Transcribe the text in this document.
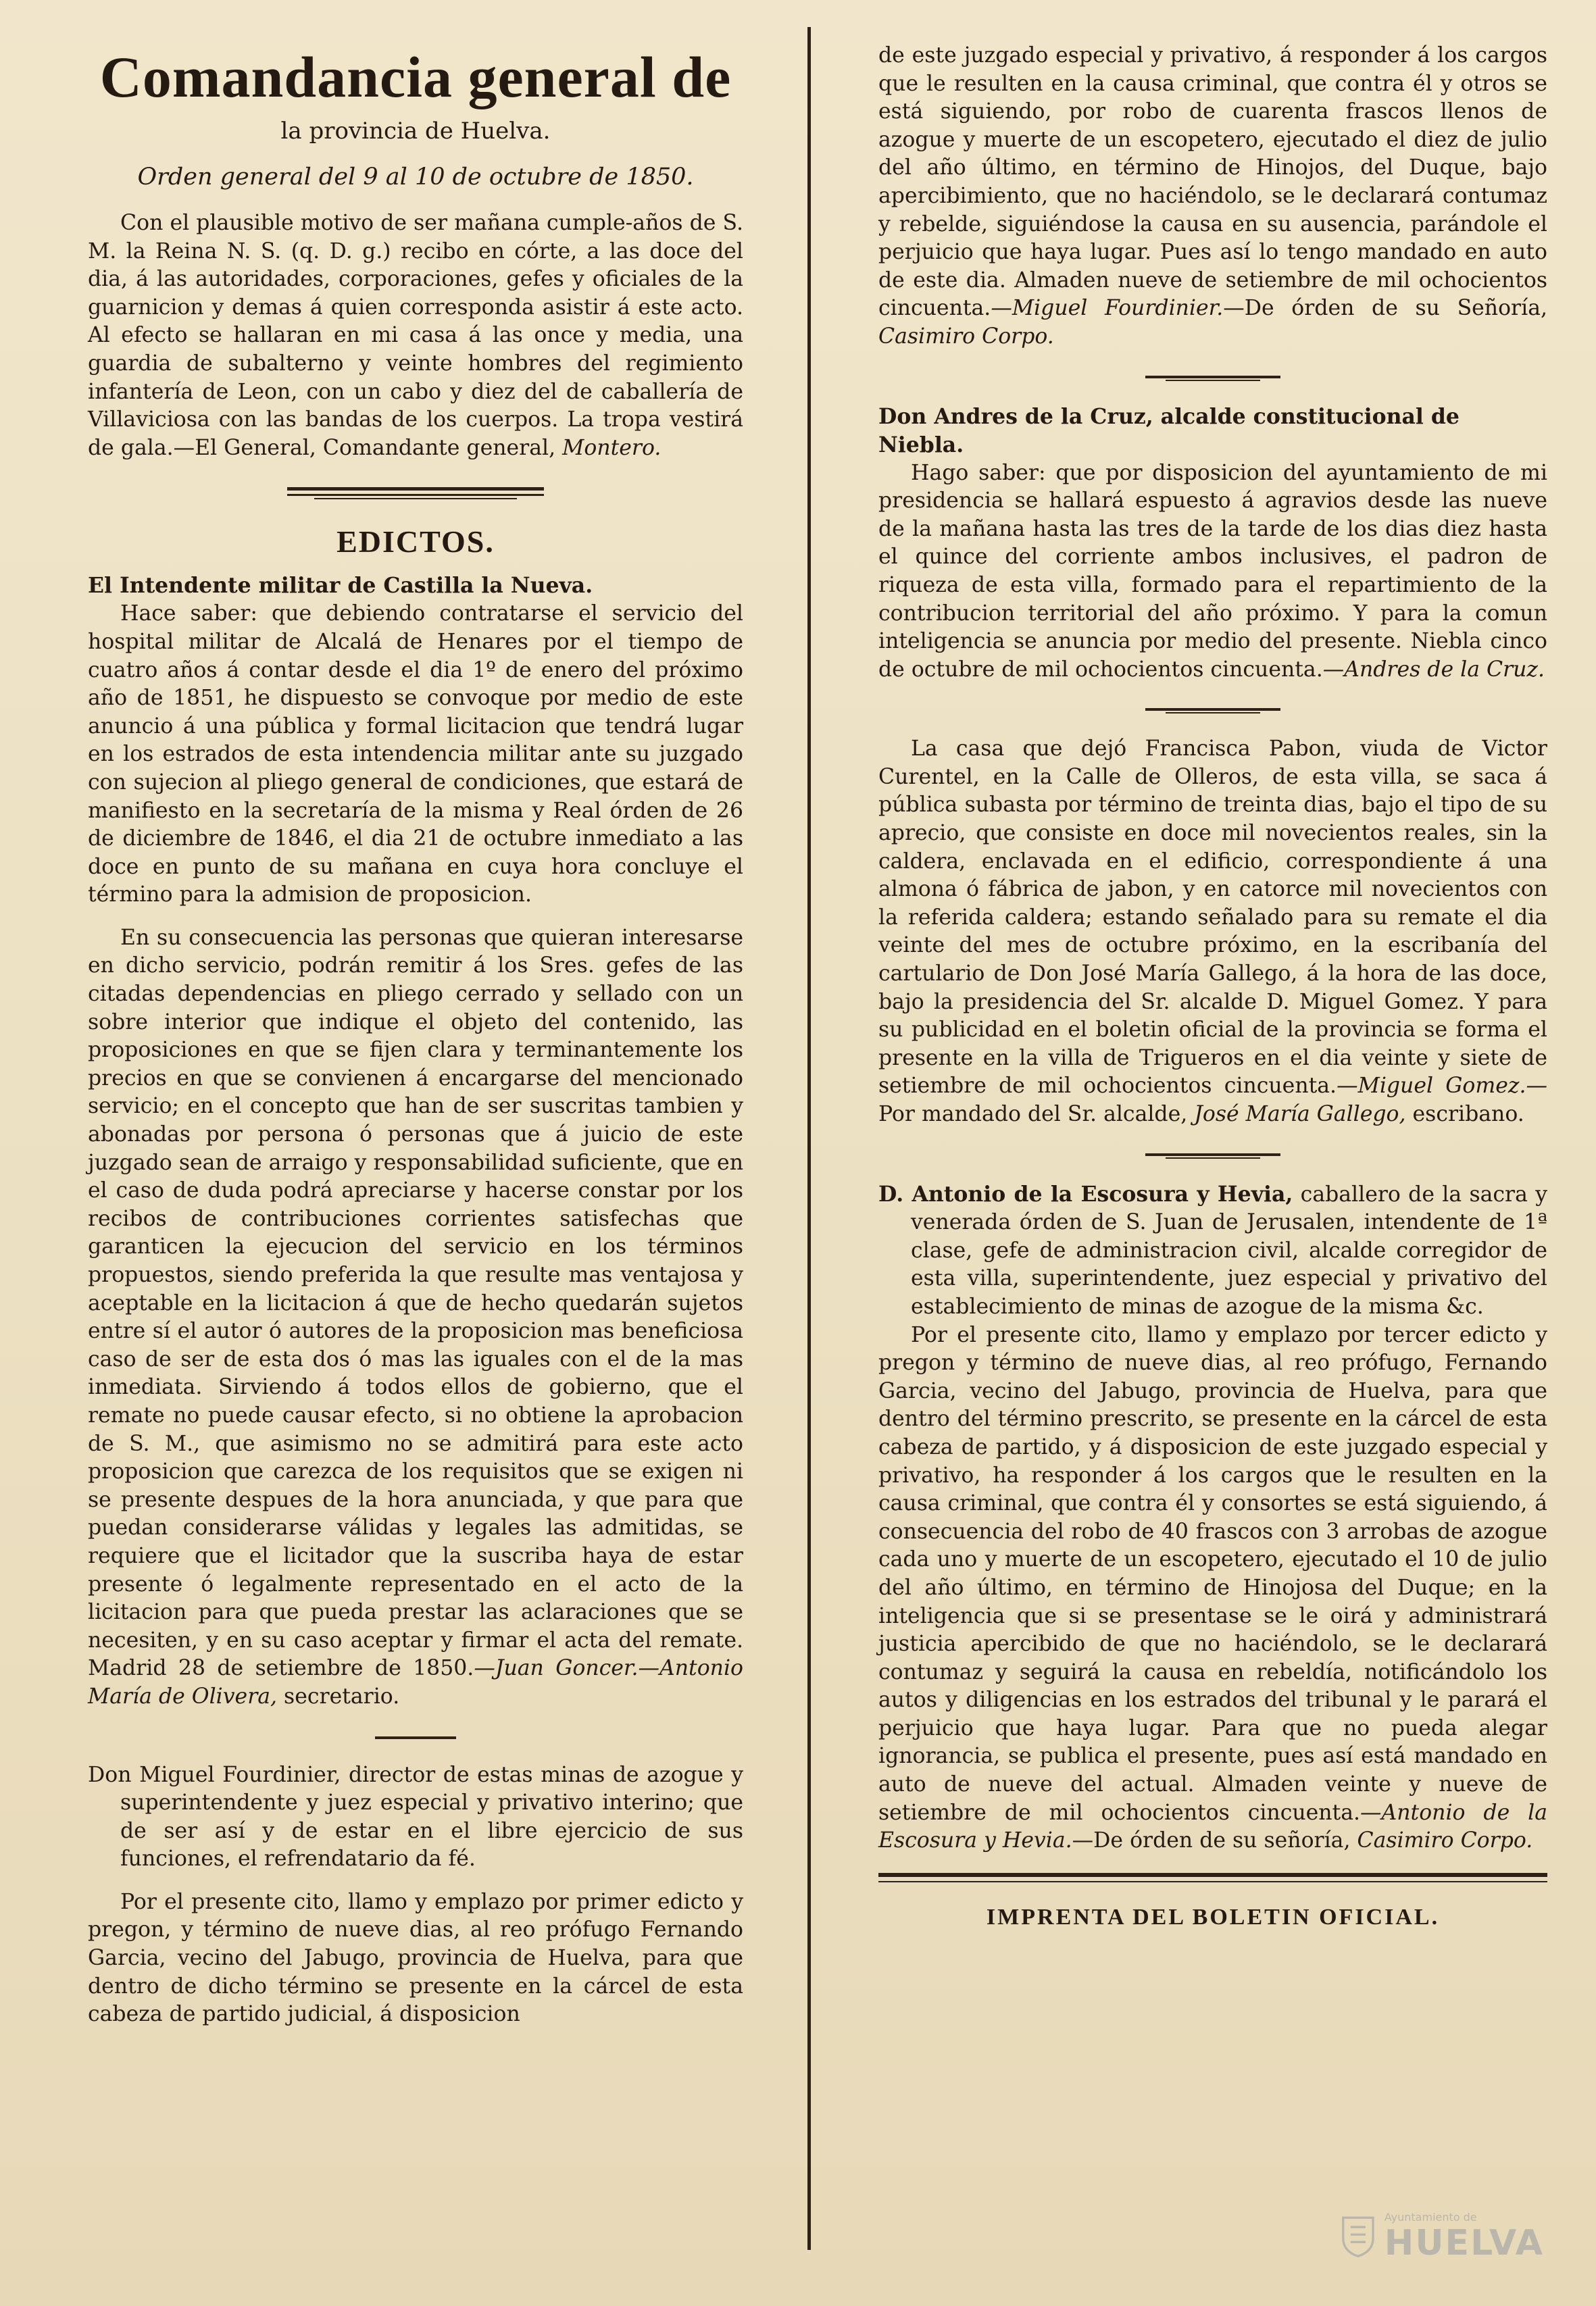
Comandancia general de

la provincia de Huelva.

Orden general del 9 al 10 de octubre de 1850.

Con el plausible motivo de ser mañana cumple-años de S. M. la Reina N. S. (q. D. g.) recibo en córte, a las doce del dia, á las autoridades, corporaciones, gefes y oficiales de la guarnicion y demas á quien corresponda asistir á este acto. Al efecto se hallaran en mi casa á las once y media, una guardia de subalterno y veinte hombres del regimiento infantería de Leon, con un cabo y diez del de caballería de Villaviciosa con las bandas de los cuerpos. La tropa vestirá de gala.—El General, Comandante general, Montero.

EDICTOS.

El Intendente militar de Castilla la Nueva.

Hace saber: que debiendo contratarse el servicio del hospital militar de Alcalá de Henares por el tiempo de cuatro años á contar desde el dia 1º de enero del próximo año de 1851, he dispuesto se convoque por medio de este anuncio á una pública y formal licitacion que tendrá lugar en los estrados de esta intendencia militar ante su juzgado con sujecion al pliego general de condiciones, que estará de manifiesto en la secretaría de la misma y Real órden de 26 de diciembre de 1846, el dia 21 de octubre inmediato a las doce en punto de su mañana en cuya hora concluye el término para la admision de proposicion.

En su consecuencia las personas que quieran interesarse en dicho servicio, podrán remitir á los Sres. gefes de las citadas dependencias en pliego cerrado y sellado con un sobre interior que indique el objeto del contenido, las proposiciones en que se fijen clara y terminantemente los precios en que se convienen á encargarse del mencionado servicio; en el concepto que han de ser suscritas tambien y abonadas por persona ó personas que á juicio de este juzgado sean de arraigo y responsabilidad suficiente, que en el caso de duda podrá apreciarse y hacerse constar por los recibos de contribuciones corrientes satisfechas que garanticen la ejecucion del servicio en los términos propuestos, siendo preferida la que resulte mas ventajosa y aceptable en la licitacion á que de hecho quedarán sujetos entre sí el autor ó autores de la proposicion mas beneficiosa caso de ser de esta dos ó mas las iguales con el de la mas inmediata. Sirviendo á todos ellos de gobierno, que el remate no puede causar efecto, si no obtiene la aprobacion de S. M., que asimismo no se admitirá para este acto proposicion que carezca de los requisitos que se exigen ni se presente despues de la hora anunciada, y que para que puedan considerarse válidas y legales las admitidas, se requiere que el licitador que la suscriba haya de estar presente ó legalmente representado en el acto de la licitacion para que pueda prestar las aclaraciones que se necesiten, y en su caso aceptar y firmar el acta del remate. Madrid 28 de setiembre de 1850.—Juan Goncer.—Antonio María de Olivera, secretario.

Don Miguel Fourdinier, director de estas minas de azogue y superintendente y juez especial y privativo interino; que de ser así y de estar en el libre ejercicio de sus funciones, el refrendatario da fé.

Por el presente cito, llamo y emplazo por primer edicto y pregon, y término de nueve dias, al reo prófugo Fernando Garcia, vecino del Jabugo, provincia de Huelva, para que dentro de dicho término se presente en la cárcel de esta cabeza de partido judicial, á disposicion

de este juzgado especial y privativo, á responder á los cargos que le resulten en la causa criminal, que contra él y otros se está siguiendo, por robo de cuarenta frascos llenos de azogue y muerte de un escopetero, ejecutado el diez de julio del año último, en término de Hinojos, del Duque, bajo apercibimiento, que no haciéndolo, se le declarará contumaz y rebelde, siguiéndose la causa en su ausencia, parándole el perjuicio que haya lugar. Pues así lo tengo mandado en auto de este dia. Almaden nueve de setiembre de mil ochocientos cincuenta.—Miguel Fourdinier.—De órden de su Señoría, Casimiro Corpo.

Don Andres de la Cruz, alcalde constitucional de Niebla.

Hago saber: que por disposicion del ayuntamiento de mi presidencia se hallará espuesto á agravios desde las nueve de la mañana hasta las tres de la tarde de los dias diez hasta el quince del corriente ambos inclusives, el padron de riqueza de esta villa, formado para el repartimiento de la contribucion territorial del año próximo. Y para la comun inteligencia se anuncia por medio del presente. Niebla cinco de octubre de mil ochocientos cincuenta.—Andres de la Cruz.

La casa que dejó Francisca Pabon, viuda de Victor Curentel, en la Calle de Olleros, de esta villa, se saca á pública subasta por término de treinta dias, bajo el tipo de su aprecio, que consiste en doce mil novecientos reales, sin la caldera, enclavada en el edificio, correspondiente á una almona ó fábrica de jabon, y en catorce mil novecientos con la referida caldera; estando señalado para su remate el dia veinte del mes de octubre próximo, en la escribanía del cartulario de Don José María Gallego, á la hora de las doce, bajo la presidencia del Sr. alcalde D. Miguel Gomez. Y para su publicidad en el boletin oficial de la provincia se forma el presente en la villa de Trigueros en el dia veinte y siete de setiembre de mil ochocientos cincuenta.—Miguel Gomez.—Por mandado del Sr. alcalde, José María Gallego, escribano.

D. Antonio de la Escosura y Hevia, caballero de la sacra y venerada órden de S. Juan de Jerusalen, intendente de 1ª clase, gefe de administracion civil, alcalde corregidor de esta villa, superintendente, juez especial y privativo del establecimiento de minas de azogue de la misma &c.

Por el presente cito, llamo y emplazo por tercer edicto y pregon y término de nueve dias, al reo prófugo, Fernando Garcia, vecino del Jabugo, provincia de Huelva, para que dentro del término prescrito, se presente en la cárcel de esta cabeza de partido, y á disposicion de este juzgado especial y privativo, ha responder á los cargos que le resulten en la causa criminal, que contra él y consortes se está siguiendo, á consecuencia del robo de 40 frascos con 3 arrobas de azogue cada uno y muerte de un escopetero, ejecutado el 10 de julio del año último, en término de Hinojosa del Duque; en la inteligencia que si se presentase se le oirá y administrará justicia apercibido de que no haciéndolo, se le declarará contumaz y seguirá la causa en rebeldía, notificándolo los autos y diligencias en los estrados del tribunal y le parará el perjuicio que haya lugar. Para que no pueda alegar ignorancia, se publica el presente, pues así está mandado en auto de nueve del actual. Almaden veinte y nueve de setiembre de mil ochocientos cincuenta.—Antonio de la Escosura y Hevia.—De órden de su señoría, Casimiro Corpo.

IMPRENTA DEL BOLETIN OFICIAL.

Ayuntamiento de
HUELVA
